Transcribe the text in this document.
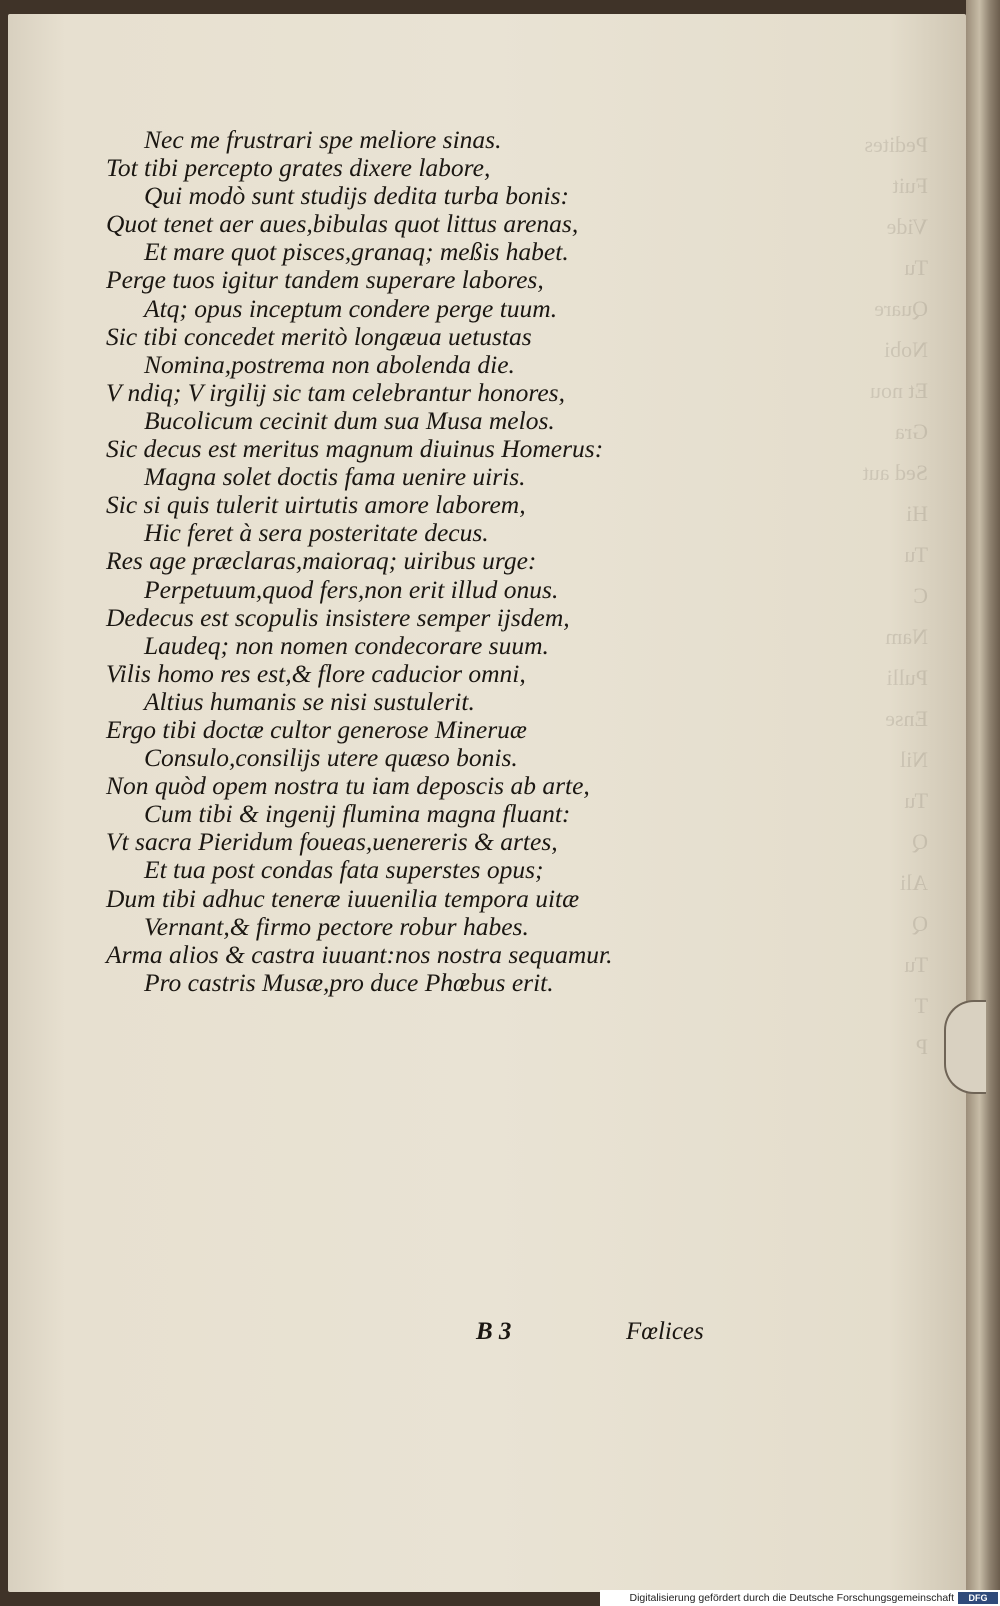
Pedites
Fuit
Vide
Tu
Quare
Nobi
Et nou
Gra
Sed aut
Hi
Tu
C
Nam
Pulli
Ense
Nil
Tu
Q
Ali
Q
Tu
T
P
Nec me frustrari spe meliore sinas.
Tot tibi percepto grates dixere labore,
Qui modò sunt studijs dedita turba bonis:
Quot tenet aer aues,bibulas quot littus arenas,
Et mare quot pisces,granaq; meßis habet.
Perge tuos igitur tandem superare labores,
Atq; opus inceptum condere perge tuum.
Sic tibi concedet meritò longæua uetustas
Nomina,postrema non abolenda die.
V ndiq; V irgilij sic tam celebrantur honores,
Bucolicum cecinit dum sua Musa melos.
Sic decus est meritus magnum diuinus Homerus:
Magna solet doctis fama uenire uiris.
Sic si quis tulerit uirtutis amore laborem,
Hic feret à sera posteritate decus.
Res age præclaras,maioraq; uiribus urge:
Perpetuum,quod fers,non erit illud onus.
Dedecus est scopulis insistere semper ijsdem,
Laudeq; non nomen condecorare suum.
Vilis homo res est,& flore caducior omni,
Altius humanis se nisi sustulerit.
Ergo tibi doctæ cultor generose Mineruæ
Consulo,consilijs utere quæso bonis.
Non quòd opem nostra tu iam deposcis ab arte,
Cum tibi & ingenij flumina magna fluant:
Vt sacra Pieridum foueas,uenereris & artes,
Et tua post condas fata superstes opus;
Dum tibi adhuc teneræ iuuenilia tempora uitæ
Vernant,& firmo pectore robur habes.
Arma alios & castra iuuant:nos nostra sequamur.
Pro castris Musæ,pro duce Phœbus erit.
B 3	Fœlices
Digitalisierung gefördert durch die Deutsche Forschungsgemeinschaft	DFG
